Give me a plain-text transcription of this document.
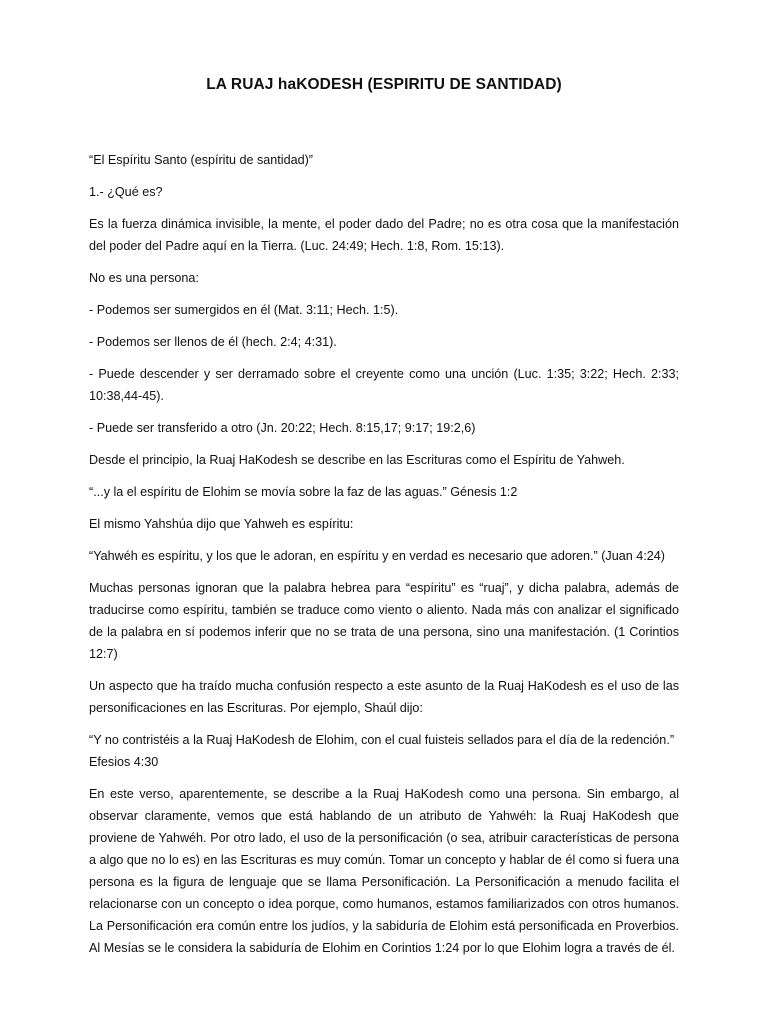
LA RUAJ haKODESH (ESPIRITU DE SANTIDAD)

“El Espíritu Santo (espíritu de santidad)”

1.- ¿Qué es?

Es la fuerza dinámica invisible, la mente, el poder dado del Padre; no es otra cosa que la manifestación del poder del Padre aquí en la Tierra. (Luc. 24:49; Hech. 1:8, Rom. 15:13).

No es una persona:

- Podemos ser sumergidos en él (Mat. 3:11; Hech. 1:5).

- Podemos ser llenos de él (hech. 2:4; 4:31).

- Puede descender y ser derramado sobre el creyente como una unción (Luc. 1:35; 3:22; Hech. 2:33; 10:38,44-45).

- Puede ser transferido a otro (Jn. 20:22; Hech. 8:15,17; 9:17; 19:2,6)

Desde el principio, la Ruaj HaKodesh se describe en las Escrituras como el Espíritu de Yahweh.

“...y la el espíritu de Elohim se movía sobre la faz de las aguas.” Génesis 1:2

El mismo Yahshúa dijo que Yahweh es espíritu:

“Yahwéh es espíritu, y los que le adoran, en espíritu y en verdad es necesario que adoren.” (Juan 4:24)

Muchas personas ignoran que la palabra hebrea para “espíritu” es “ruaj”, y dicha palabra, además de traducirse como espíritu, también se traduce como viento o aliento. Nada más con analizar el significado de la palabra en sí podemos inferir que no se trata de una persona, sino una manifestación. (1 Corintios 12:7)

Un aspecto que ha traído mucha confusión respecto a este asunto de la Ruaj HaKodesh es el uso de las personificaciones en las Escrituras. Por ejemplo, Shaúl dijo:

“Y no contristéis a la Ruaj HaKodesh de Elohim, con el cual fuisteis sellados para el día de la redención.” Efesios 4:30

En este verso, aparentemente, se describe a la Ruaj HaKodesh como una persona. Sin embargo, al observar claramente, vemos que está hablando de un atributo de Yahwéh: la Ruaj HaKodesh que proviene de Yahwéh. Por otro lado, el uso de la personificación (o sea, atribuir características de persona a algo que no lo es) en las Escrituras es muy común. Tomar un concepto y hablar de él como si fuera una persona es la figura de lenguaje que se llama Personificación. La Personificación a menudo facilita el relacionarse con un concepto o idea porque, como humanos, estamos familiarizados con otros humanos. La Personificación era común entre los judíos, y la sabiduría de Elohim está personificada en Proverbios. Al Mesías se le considera la sabiduría de Elohim en Corintios 1:24 por lo que Elohim logra a través de él.
